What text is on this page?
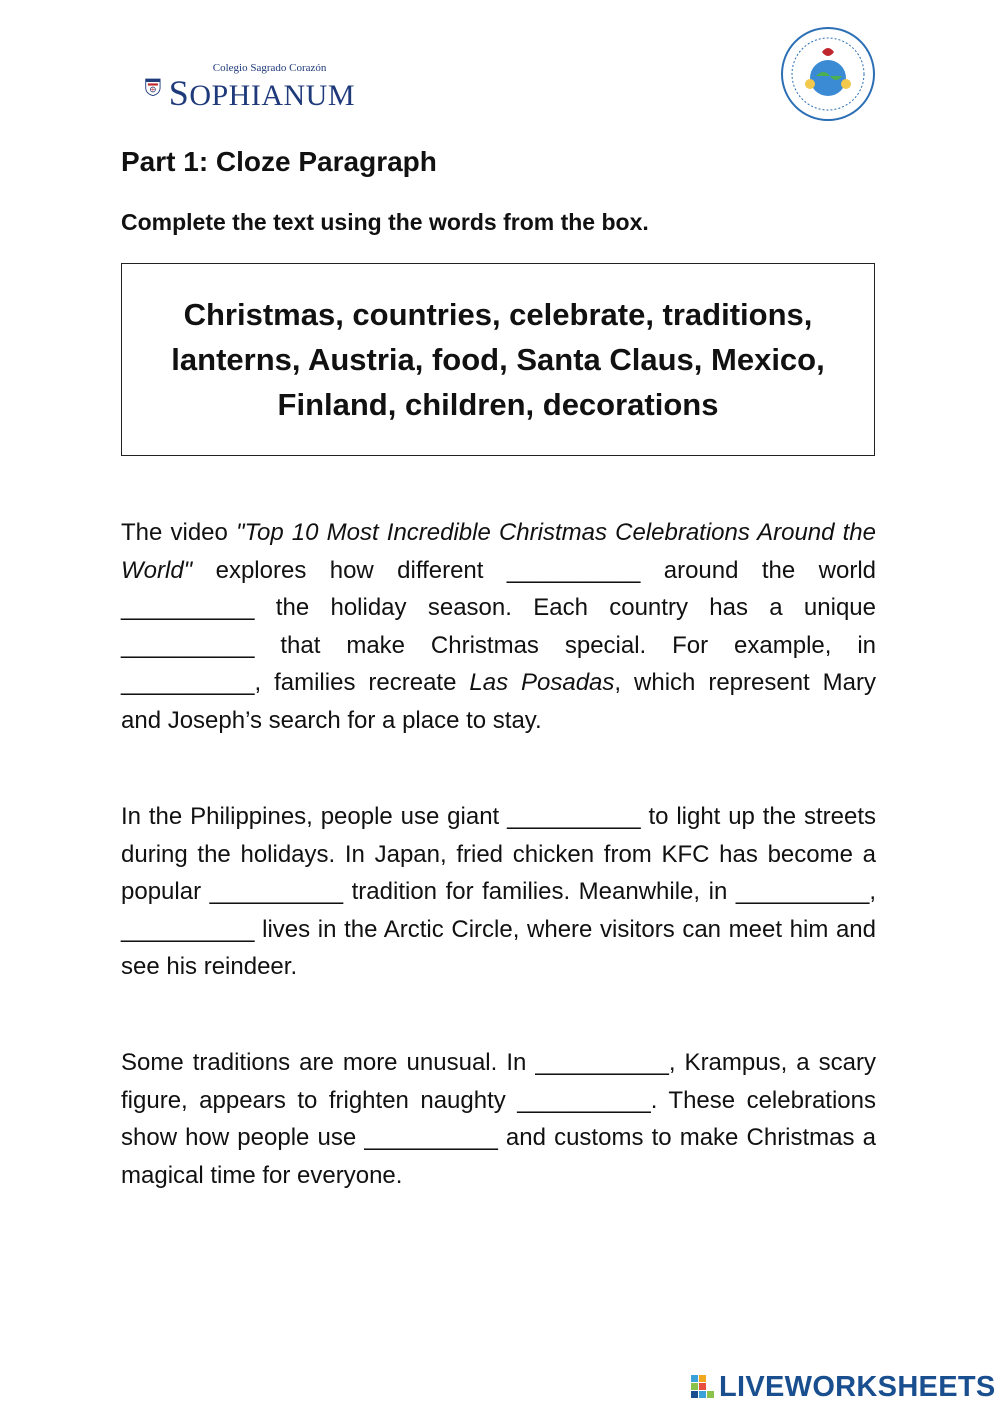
Colegio Sagrado Corazón
SOPHIANUM
Part 1: Cloze Paragraph

Complete the text using the words from the box.

Christmas, countries, celebrate, traditions, lanterns, Austria, food, Santa Claus, Mexico, Finland, children, decorations

The video "Top 10 Most Incredible Christmas Celebrations Around the World" explores how different __________ around the world __________ the holiday season. Each country has a unique __________ that make Christmas special. For example, in __________, families recreate Las Posadas, which represent Mary and Joseph’s search for a place to stay.

In the Philippines, people use giant __________ to light up the streets during the holidays. In Japan, fried chicken from KFC has become a popular __________ tradition for families. Meanwhile, in __________, __________ lives in the Arctic Circle, where visitors can meet him and see his reindeer.

Some traditions are more unusual. In __________, Krampus, a scary figure, appears to frighten naughty __________. These celebrations show how people use __________ and customs to make Christmas a magical time for everyone.

LIVEWORKSHEETS
